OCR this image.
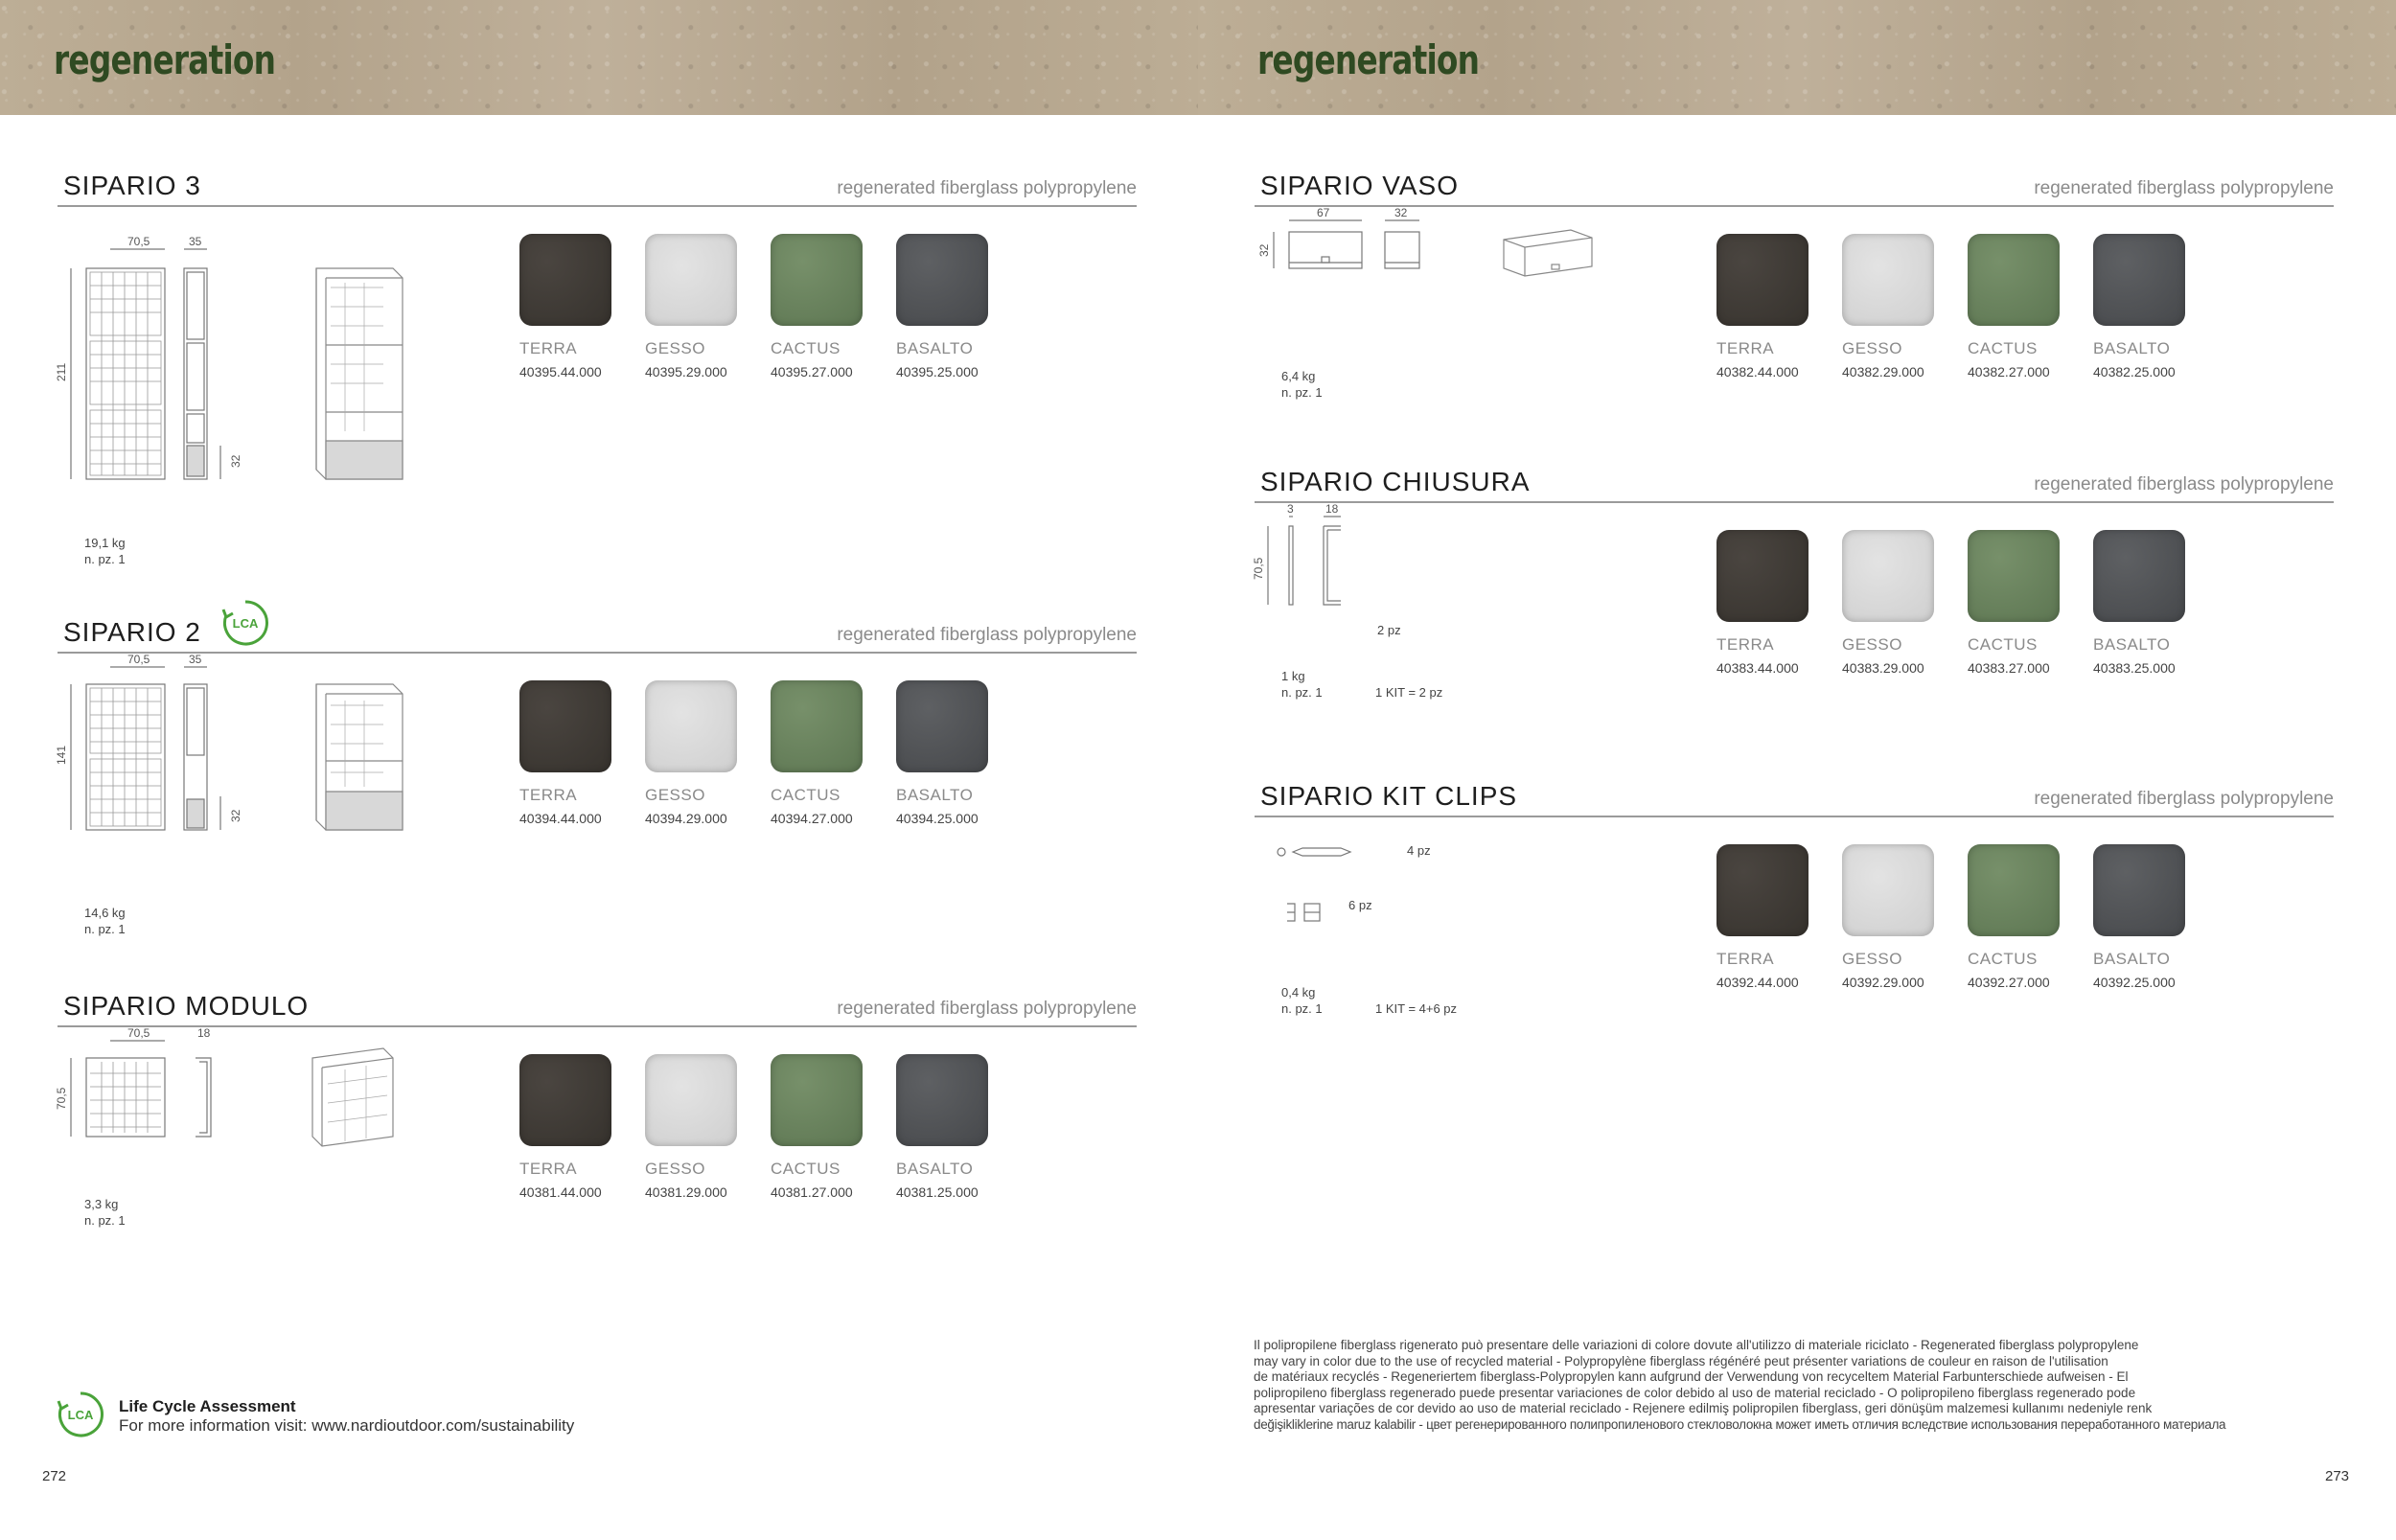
regeneration	regeneration
SIPARIO 3	regenerated fiberglass polypropylene
70,5	35
211
32
19,1 kg
n. pz. 1
TERRA
40395.44.000
GESSO
40395.29.000
CACTUS
40395.27.000
BASALTO
40395.25.000
SIPARIO 2	LCA
regenerated fiberglass polypropylene
70,5	35
141
32
14,6 kg
n. pz. 1
TERRA
40394.44.000
GESSO
40394.29.000
CACTUS
40394.27.000
BASALTO
40394.25.000
SIPARIO MODULO	regenerated fiberglass polypropylene
70,5	18
70,5
3,3 kg
n. pz. 1
TERRA
40381.44.000
GESSO
40381.29.000
CACTUS
40381.27.000
BASALTO
40381.25.000
SIPARIO VASO	regenerated fiberglass polypropylene
67	32
32
6,4 kg
n. pz. 1
TERRA
40382.44.000
GESSO
40382.29.000
CACTUS
40382.27.000
BASALTO
40382.25.000
SIPARIO CHIUSURA	regenerated fiberglass polypropylene
3	18
70,5
2 pz
1 kg
n. pz. 1	1 KIT = 2 pz
TERRA
40383.44.000
GESSO
40383.29.000
CACTUS
40383.27.000
BASALTO
40383.25.000
SIPARIO KIT CLIPS	regenerated fiberglass polypropylene
4 pz
6 pz
0,4 kg
n. pz. 1	1 KIT = 4+6 pz
TERRA
40392.44.000
GESSO
40392.29.000
CACTUS
40392.27.000
BASALTO
40392.25.000
LCA Life Cycle Assessment
For more information visit: www.nardioutdoor.com/sustainability
Il polipropilene fiberglass rigenerato può presentare delle variazioni di colore dovute all'utilizzo di materiale riciclato - Regenerated fiberglass polypropylene
may vary in color due to the use of recycled material - Polypropylène fiberglass régénéré peut présenter variations de couleur en raison de l'utilisation
de matériaux recyclés - Regeneriertem fiberglass-Polypropylen kann aufgrund der Verwendung von recyceltem Material Farbunterschiede aufweisen - El
polipropileno fiberglass regenerado puede presentar variaciones de color debido al uso de material reciclado - O polipropileno fiberglass regenerado pode
apresentar variações de cor devido ao uso de material reciclado - Rejenere edilmiş polipropilen fiberglass, geri dönüşüm malzemesi kullanımı nedeniyle renk
değişikliklerine maruz kalabilir - цвет регенерированного полипропиленового стекловолокна может иметь отличия вследствие использования переработанного материала
272	273
